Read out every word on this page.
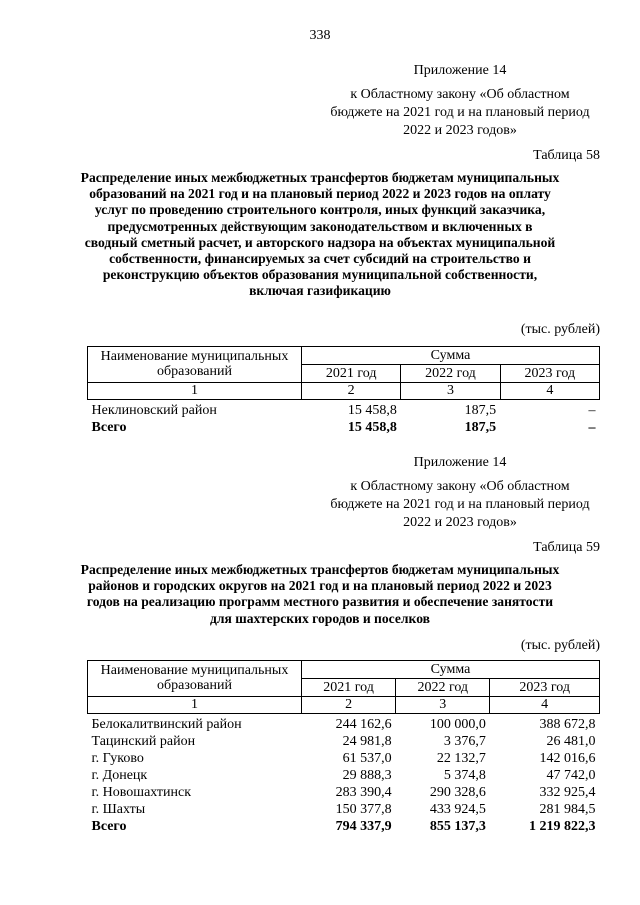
338
Приложение 14
к Областному закону «Об областном бюджете на 2021 год и на плановый период 2022 и 2023 годов»
Таблица 58
Распределение иных межбюджетных трансфертов бюджетам муниципальных образований на 2021 год и на плановый период 2022 и 2023 годов на оплату услуг по проведению строительного контроля, иных функций заказчика, предусмотренных действующим законодательством и включенных в сводный сметный расчет, и авторского надзора на объектах муниципальной собственности, финансируемых за счет субсидий на строительство и реконструкцию объектов образования муниципальной собственности, включая газификацию
(тыс. рублей)
Наименование муниципальных образований	Сумма		
	2021 год	2022 год	2023 год
1	2	3	4
Неклиновский район	15 458,8	187,5	–
Всего	15 458,8	187,5	–
Приложение 14
к Областному закону «Об областном бюджете на 2021 год и на плановый период 2022 и 2023 годов»
Таблица 59
Распределение иных межбюджетных трансфертов бюджетам муниципальных районов и городских округов на 2021 год и на плановый период 2022 и 2023 годов на реализацию программ местного развития и обеспечение занятости для шахтерских городов и поселков
(тыс. рублей)
Наименование муниципальных образований	Сумма		
	2021 год	2022 год	2023 год
1	2	3	4
Белокалитвинский район	244 162,6	100 000,0	388 672,8
Тацинский район	24 981,8	3 376,7	26 481,0
г. Гуково	61 537,0	22 132,7	142 016,6
г. Донецк	29 888,3	5 374,8	47 742,0
г. Новошахтинск	283 390,4	290 328,6	332 925,4
г. Шахты	150 377,8	433 924,5	281 984,5
Всего	794 337,9	855 137,3	1 219 822,3
